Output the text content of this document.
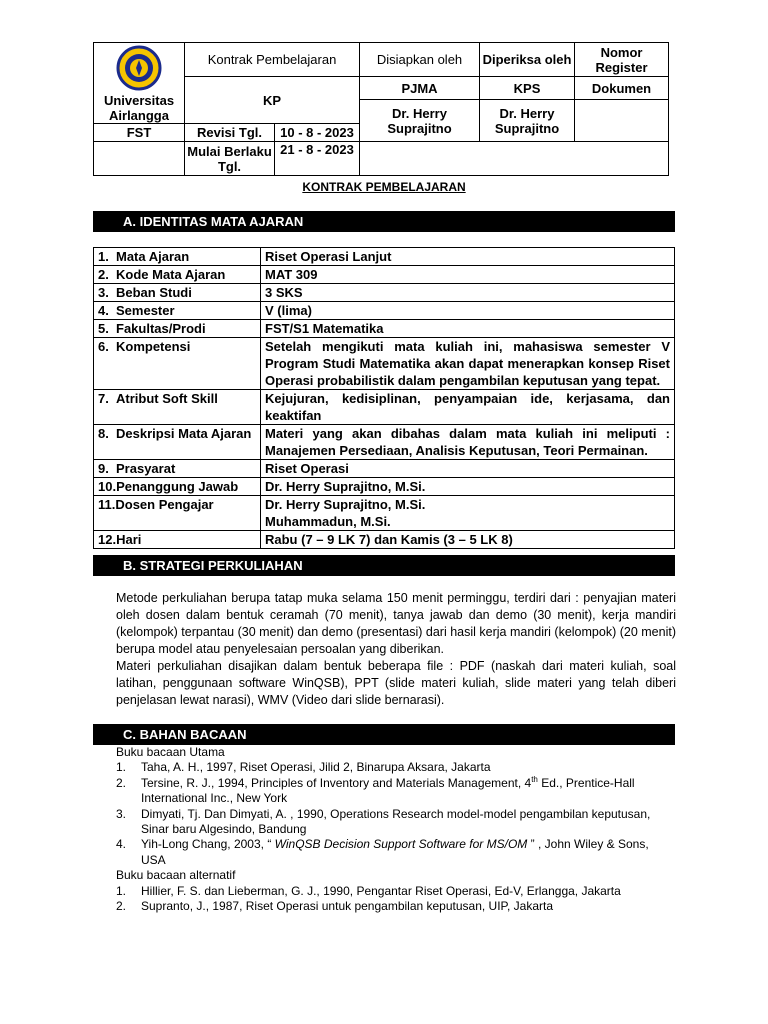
Universitas Airlangga	Kontrak Pembelajaran		Disiapkan oleh	Diperiksa oleh	Nomor Register
	KP		PJMA	KPS	Dokumen
			Dr. Herry Suprajitno	Dr. Herry Suprajitno	
FST	Revisi Tgl.	10 - 8 - 2023			
	Mulai Berlaku Tgl.	21 - 8 - 2023			
KONTRAK PEMBELAJARAN
A. IDENTITAS MATA AJARAN
1. Mata Ajaran	Riset Operasi Lanjut

2. Kode Mata Ajaran	MAT 309

3. Beban Studi	3 SKS

4. Semester	V (lima)

5. Fakultas/Prodi	FST/S1 Matematika

6. Kompetensi	Setelah mengikuti mata kuliah ini, mahasiswa semester V Program Studi Matematika akan dapat menerapkan konsep Riset Operasi probabilistik dalam pengambilan keputusan yang tepat.

7. Atribut Soft Skill	Kejujuran, kedisiplinan, penyampaian ide, kerjasama, dan keaktifan

8. Deskripsi Mata Ajaran	Materi yang akan dibahas dalam mata kuliah ini meliputi : Manajemen Persediaan, Analisis Keputusan, Teori Permainan.

9. Prasyarat	Riset Operasi

10.Penanggung Jawab	Dr. Herry Suprajitno, M.Si.

11.Dosen Pengajar	Dr. Herry Suprajitno, M.Si.
Muhammadun, M.Si.

12.Hari	Rabu (7 – 9 LK 7) dan Kamis (3 – 5 LK 8)
B. STRATEGI PERKULIAHAN

Metode perkuliahan berupa tatap muka selama 150 menit perminggu, terdiri dari : penyajian materi oleh dosen dalam bentuk ceramah (70 menit), tanya jawab dan demo (30 menit), kerja mandiri (kelompok) terpantau (30 menit) dan demo (presentasi) dari hasil kerja mandiri (kelompok) (20 menit) berupa model atau penyelesaian persoalan yang diberikan.

Materi perkuliahan disajikan dalam bentuk beberapa file : PDF (naskah dari materi kuliah, soal latihan, penggunaan software WinQSB), PPT (slide materi kuliah, slide materi yang telah diberi penjelasan lewat narasi), WMV (Video dari slide bernarasi).

C. BAHAN BACAAN

Buku bacaan Utama

1. Taha, A. H., 1997, Riset Operasi, Jilid 2, Binarupa Aksara, Jakarta
2. Tersine, R. J., 1994, Principles of Inventory and Materials Management, 4th Ed., Prentice-Hall International Inc., New York
3. Dimyati, Tj. Dan Dimyati, A. , 1990, Operations Research model-model pengambilan keputusan, Sinar baru Algesindo, Bandung
4. Yih-Long Chang, 2003, “ WinQSB Decision Support Software for MS/OM ” , John Wiley & Sons, USA

Buku bacaan alternatif

1. Hillier, F. S. dan Lieberman, G. J., 1990, Pengantar Riset Operasi, Ed-V, Erlangga, Jakarta
2. Supranto, J., 1987, Riset Operasi untuk pengambilan keputusan, UIP, Jakarta
